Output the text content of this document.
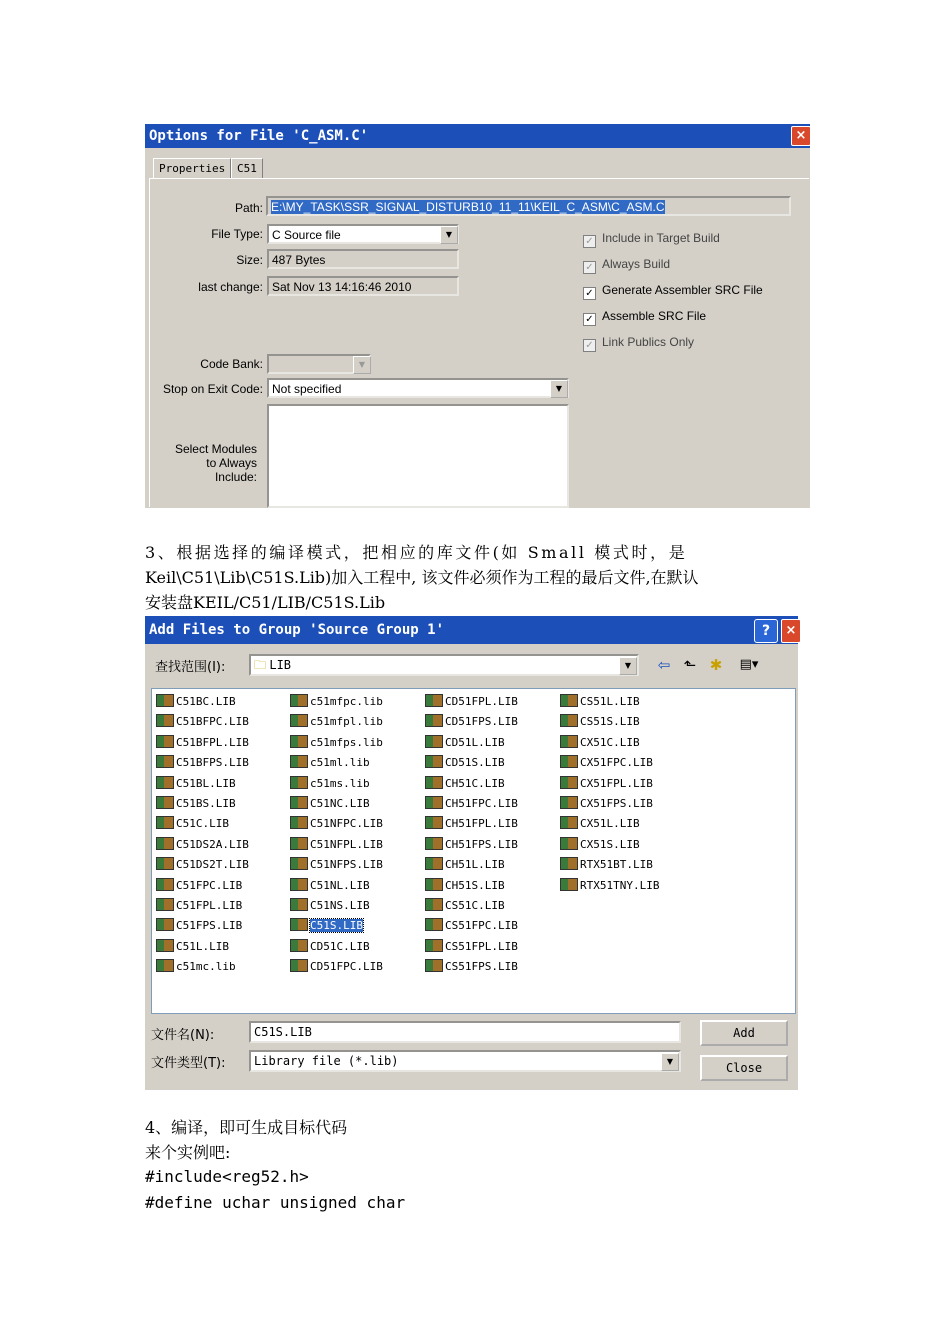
Options for File 'C_ASM.C'	×
Properties	C51
Path: E:\MY_TASK\SSR_SIGNAL_DISTURB10_11_11\KEIL_C_ASM\C_ASM.C
File Type: C Source file	▼
Size: 487 Bytes
last change: Sat Nov 13 14:16:46 2010
Code Bank:	▼
Stop on Exit Code: Not specified	▼
Select Modules
to Always
Include:
✓ Include in Target Build
✓ Always Build
✓ Generate Assembler SRC File
✓ Assemble SRC File
✓ Link Publics Only
3、根据选择的编译模式，把相应的库文件(如 Small 模式时，是
Keil\C51\Lib\C51S.Lib)加入工程中, 该文件必须作为工程的最后文件,在默认
安装盘KEIL/C51/LIB/C51S.Lib
Add Files to Group 'Source Group 1'	?	×
查找范围(I):	🗀 LIB	▼	⇦ ⬑ ✱	▤▾
C51BC.LIB
C51BFPC.LIB
C51BFPL.LIB
C51BFPS.LIB
C51BL.LIB
C51BS.LIB
C51C.LIB
C51DS2A.LIB
C51DS2T.LIB
C51FPC.LIB
C51FPL.LIB
C51FPS.LIB
C51L.LIB
c51mc.lib
c51mfpc.lib
c51mfpl.lib
c51mfps.lib
c51ml.lib
c51ms.lib
C51NC.LIB
C51NFPC.LIB
C51NFPL.LIB
C51NFPS.LIB
C51NL.LIB
C51NS.LIB
C51S.LIB
CD51C.LIB
CD51FPC.LIB
CD51FPL.LIB
CD51FPS.LIB
CD51L.LIB
CD51S.LIB
CH51C.LIB
CH51FPC.LIB
CH51FPL.LIB
CH51FPS.LIB
CH51L.LIB
CH51S.LIB
CS51C.LIB
CS51FPC.LIB
CS51FPL.LIB
CS51FPS.LIB
CS51L.LIB
CS51S.LIB
CX51C.LIB
CX51FPC.LIB
CX51FPL.LIB
CX51FPS.LIB
CX51L.LIB
CX51S.LIB
RTX51BT.LIB
RTX51TNY.LIB
文件名(N):	C51S.LIB
文件类型(T):	Library file (*.lib)	▼
Add
Close
4、编译，即可生成目标代码
来个实例吧:
#include<reg52.h>
#define uchar unsigned char
